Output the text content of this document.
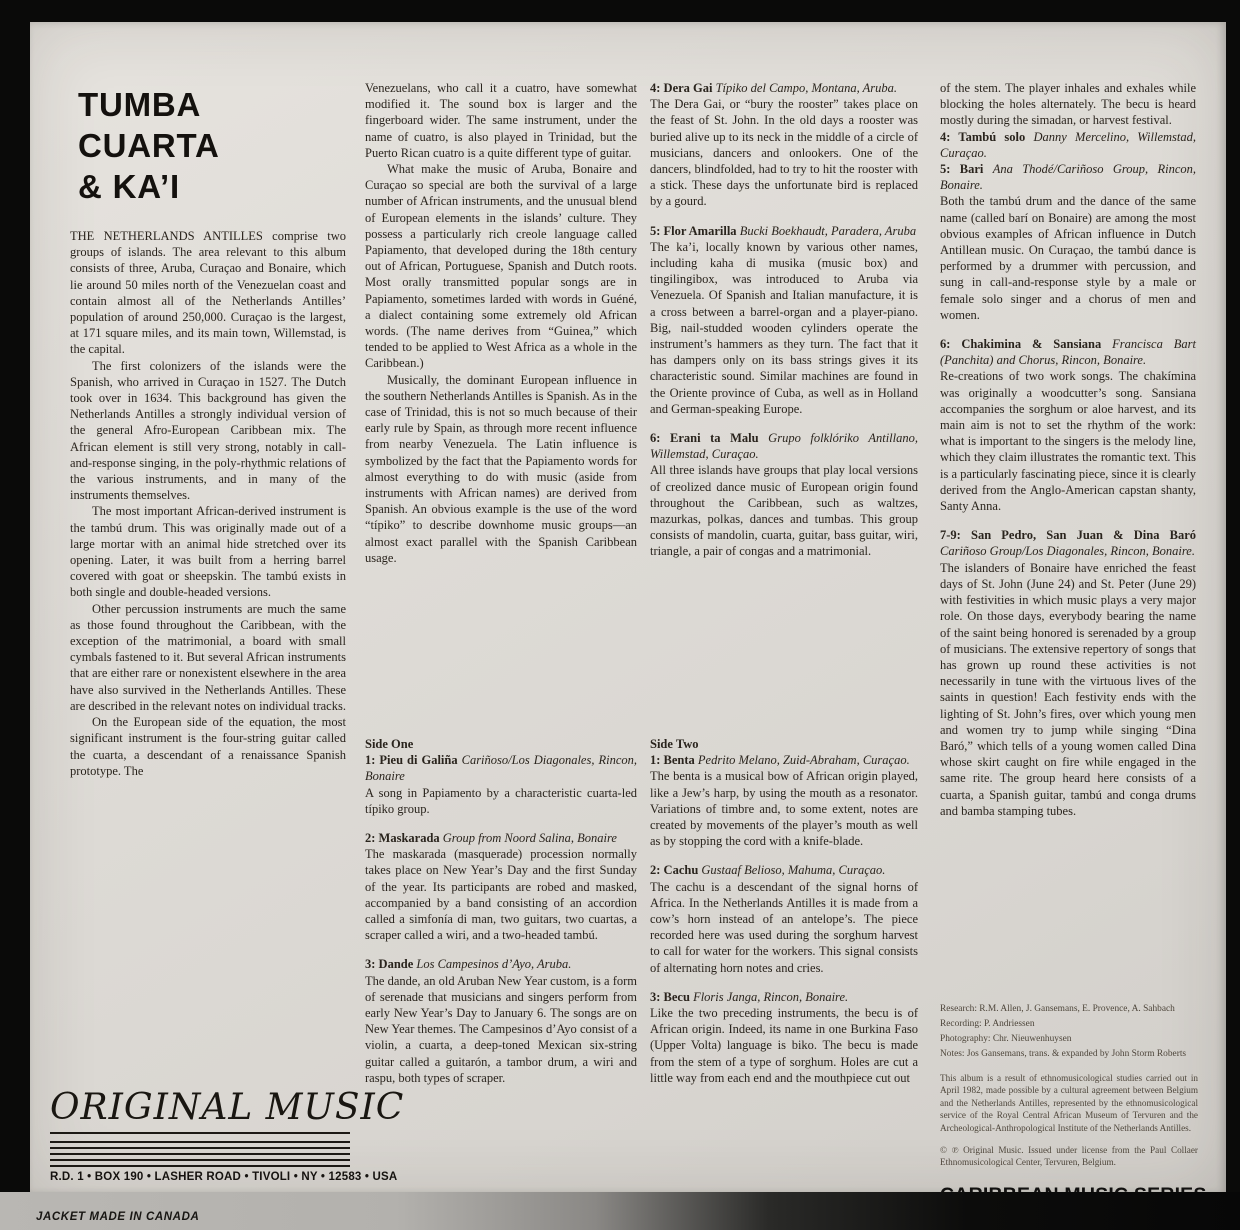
TUMBA
CUARTA
& KA’I

THE NETHERLANDS ANTILLES comprise two groups of islands. The area relevant to this album consists of three, Aruba, Curaçao and Bonaire, which lie around 50 miles north of the Venezuelan coast and contain almost all of the Netherlands Antilles’ population of around 250,000. Curaçao is the largest, at 171 square miles, and its main town, Willemstad, is the capital.

The first colonizers of the islands were the Spanish, who arrived in Curaçao in 1527. The Dutch took over in 1634. This background has given the Netherlands Antilles a strongly individual version of the general Afro-European Caribbean mix. The African element is still very strong, notably in call-and-response singing, in the poly-rhythmic relations of the various instruments, and in many of the instruments themselves.

The most important African-derived instrument is the tambú drum. This was originally made out of a large mortar with an animal hide stretched over its opening. Later, it was built from a herring barrel covered with goat or sheepskin. The tambú exists in both single and double-headed versions.

Other percussion instruments are much the same as those found throughout the Caribbean, with the exception of the matrimonial, a board with small cymbals fastened to it. But several African instruments that are either rare or nonexistent elsewhere in the area have also survived in the Netherlands Antilles. These are described in the relevant notes on individual tracks.

On the European side of the equation, the most significant instrument is the four-string guitar called the cuarta, a descendant of a renaissance Spanish prototype. The

Venezuelans, who call it a cuatro, have somewhat modified it. The sound box is larger and the fingerboard wider. The same instrument, under the name of cuatro, is also played in Trinidad, but the Puerto Rican cuatro is a quite different type of guitar.

What make the music of Aruba, Bonaire and Curaçao so special are both the survival of a large number of African instruments, and the unusual blend of European elements in the islands’ culture. They possess a particularly rich creole language called Papiamento, that developed during the 18th century out of African, Portuguese, Spanish and Dutch roots. Most orally transmitted popular songs are in Papiamento, sometimes larded with words in Guéné, a dialect containing some extremely old African words. (The name derives from “Guinea,” which tended to be applied to West Africa as a whole in the Caribbean.)

Musically, the dominant European influence in the southern Netherlands Antilles is Spanish. As in the case of Trinidad, this is not so much because of their early rule by Spain, as through more recent influence from nearby Venezuela. The Latin influence is symbolized by the fact that the Papiamento words for almost everything to do with music (aside from instruments with African names) are derived from Spanish. An obvious example is the use of the word “típiko” to describe downhome music groups—an almost exact parallel with the Spanish Caribbean usage.

Side One

1: Pieu di Galiña Cariñoso/Los Diagonales, Rincon, Bonaire

A song in Papiamento by a characteristic cuarta-led típiko group.

2: Maskarada Group from Noord Salina, Bonaire

The maskarada (masquerade) procession normally takes place on New Year’s Day and the first Sunday of the year. Its participants are robed and masked, accompanied by a band consisting of an accordion called a simfonía di man, two guitars, two cuartas, a scraper called a wiri, and a two-headed tambú.

3: Dande Los Campesinos d’Ayo, Aruba.

The dande, an old Aruban New Year custom, is a form of serenade that musicians and singers perform from early New Year’s Day to January 6. The songs are on New Year themes. The Campesinos d’Ayo consist of a violin, a cuarta, a deep-toned Mexican six-string guitar called a guitarón, a tambor drum, a wiri and raspu, both types of scraper.

4: Dera Gai Típiko del Campo, Montana, Aruba.

The Dera Gai, or “bury the rooster” takes place on the feast of St. John. In the old days a rooster was buried alive up to its neck in the middle of a circle of musicians, dancers and onlookers. One of the dancers, blindfolded, had to try to hit the rooster with a stick. These days the unfortunate bird is replaced by a gourd.

5: Flor Amarilla Bucki Boekhaudt, Paradera, Aruba

The ka’i, locally known by various other names, including kaha di musika (music box) and tingilingibox, was introduced to Aruba via Venezuela. Of Spanish and Italian manufacture, it is a cross between a barrel-organ and a player-piano. Big, nail-studded wooden cylinders operate the instrument’s hammers as they turn. The fact that it has dampers only on its bass strings gives it its characteristic sound. Similar machines are found in the Oriente province of Cuba, as well as in Holland and German-speaking Europe.

6: Erani ta Malu Grupo folklóriko Antillano, Willemstad, Curaçao.

All three islands have groups that play local versions of creolized dance music of European origin found throughout the Caribbean, such as waltzes, mazurkas, polkas, dances and tumbas. This group consists of mandolin, cuarta, guitar, bass guitar, wiri, triangle, a pair of congas and a matrimonial.

Side Two

1: Benta Pedrito Melano, Zuid-Abraham, Curaçao.

The benta is a musical bow of African origin played, like a Jew’s harp, by using the mouth as a resonator. Variations of timbre and, to some extent, notes are created by movements of the player’s mouth as well as by stopping the cord with a knife-blade.

2: Cachu Gustaaf Belioso, Mahuma, Curaçao.

The cachu is a descendant of the signal horns of Africa. In the Netherlands Antilles it is made from a cow’s horn instead of an antelope’s. The piece recorded here was used during the sorghum harvest to call for water for the workers. This signal consists of alternating horn notes and cries.

3: Becu Floris Janga, Rincon, Bonaire.

Like the two preceding instruments, the becu is of African origin. Indeed, its name in one Burkina Faso (Upper Volta) language is biko. The becu is made from the stem of a type of sorghum. Holes are cut a little way from each end and the mouthpiece cut out

of the stem. The player inhales and exhales while blocking the holes alternately. The becu is heard mostly during the simadan, or harvest festival.

4: Tambú solo Danny Mercelino, Willemstad, Curaçao.

5: Bari Ana Thodé/Cariñoso Group, Rincon, Bonaire.

Both the tambú drum and the dance of the same name (called barí on Bonaire) are among the most obvious examples of African influence in Dutch Antillean music. On Curaçao, the tambú dance is performed by a drummer with percussion, and sung in call-and-response style by a male or female solo singer and a chorus of men and women.

6: Chakimina & Sansiana Francisca Bart (Panchita) and Chorus, Rincon, Bonaire.

Re-creations of two work songs. The chakímina was originally a woodcutter’s song. Sansiana accompanies the sorghum or aloe harvest, and its main aim is not to set the rhythm of the work: what is important to the singers is the melody line, which they claim illustrates the romantic text. This is a particularly fascinating piece, since it is clearly derived from the Anglo-American capstan shanty, Santy Anna.

7-9: San Pedro, San Juan & Dina Baró Cariñoso Group/Los Diagonales, Rincon, Bonaire.

The islanders of Bonaire have enriched the feast days of St. John (June 24) and St. Peter (June 29) with festivities in which music plays a very major role. On those days, everybody bearing the name of the saint being honored is serenaded by a group of musicians. The extensive repertory of songs that has grown up round these activities is not necessarily in tune with the virtuous lives of the saints in question! Each festivity ends with the lighting of St. John’s fires, over which young men and women try to jump while singing “Dina Baró,” which tells of a young women called Dina whose skirt caught on fire while engaged in the same rite. The group heard here consists of a cuarta, a Spanish guitar, tambú and conga drums and bamba stamping tubes.

Research: R.M. Allen, J. Gansemans, E. Provence, A. Sahbach

Recording: P. Andriessen

Photography: Chr. Nieuwenhuysen

Notes: Jos Gansemans, trans. & expanded by John Storm Roberts

This album is a result of ethnomusicological studies carried out in April 1982, made possible by a cultural agreement between Belgium and the Netherlands Antilles, represented by the ethnomusicological service of the Royal Central African Museum of Tervuren and the Archeological-Anthropological Institute of the Netherlands Antilles.

© ℗ Original Music. Issued under license from the Paul Collaer Ethnomusicological Center, Tervuren, Belgium.

ORIGINAL MUSIC
R.D. 1 • BOX 190 • LASHER ROAD • TIVOLI • NY • 12583 • USA
JACKET MADE IN CANADA
